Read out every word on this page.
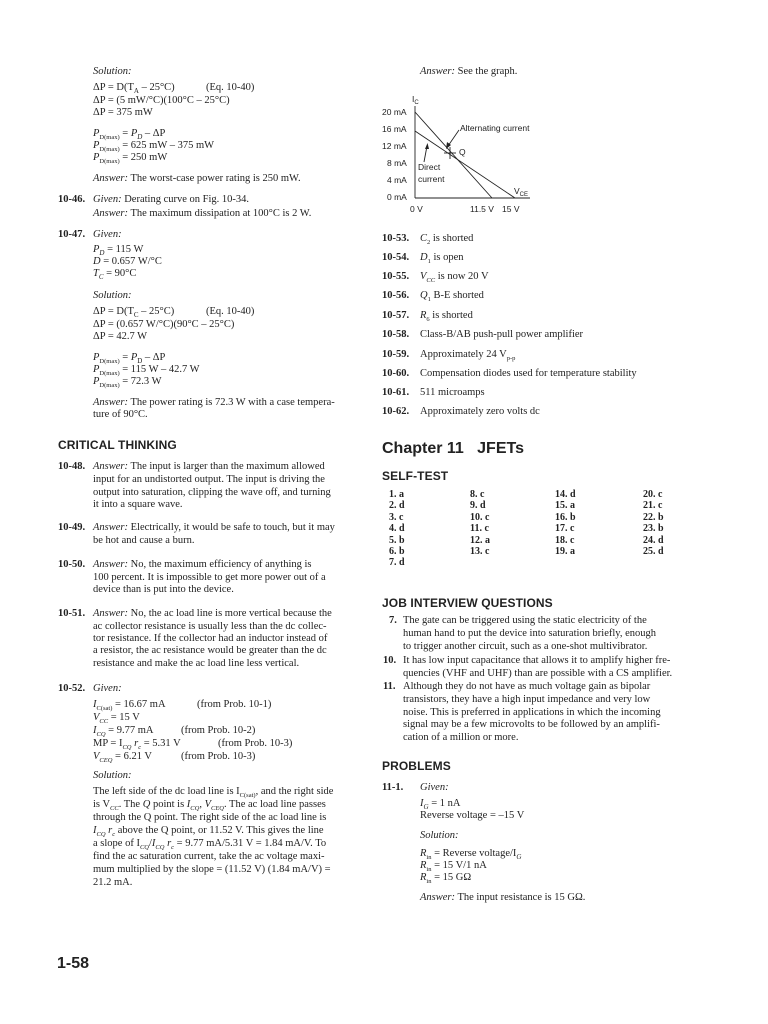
Solution:
$\Delta P = D(T_A - 25^\circ C)$	(Eq. 10-40)
ΔP = (5 mW/°C)(100°C – 25°C)
ΔP = 375 mW
$P_{D(max)} = P_D - \Delta P$
$P_{D(max)} = 625$ mW – 375 mW
$P_{D(max)} = 250$ mW
Answer: The worst-case power rating is 250 mW.
10-46. Given: Derating curve on Fig. 10-34.
Answer: The maximum dissipation at 100°C is 2 W.
10-47. Given:
$P_D = 115$ W
D = 0.657 W/°C
$T_C = 90^\circ C$
Solution:
$\Delta P = D(T_C - 25^\circ C)$	(Eq. 10-40)
ΔP = (0.657 W/°C)(90°C – 25°C)
ΔP = 42.7 W
$P_{D(max)} = P_D - \Delta P$
$P_{D(max)} = 115$ W – 42.7 W
$P_{D(max)} = 72.3$ W
Answer: The power rating is 72.3 W with a case tempera-
ture of 90°C.
CRITICAL THINKING
10-48. Answer: The input is larger than the maximum allowed
input for an undistorted output. The input is driving the
output into saturation, clipping the wave off, and turning
it into a square wave.
10-49. Answer: Electrically, it would be safe to touch, but it may
be hot and cause a burn.
10-50. Answer: No, the maximum efficiency of anything is
100 percent. It is impossible to get more power out of a
device than is put into the device.
10-51. Answer: No, the ac load line is more vertical because the
ac collector resistance is usually less than the dc collec-
tor resistance. If the collector had an inductor instead of
a resistor, the ac resistance would be greater than the dc
resistance and make the ac load line less vertical.
10-52. Given:
$I_{C(sat)} = 16.67$ mA	(from Prob. 10-1)
$V_{CC} = 15$ V
$I_{CQ} = 9.77$ mA	(from Prob. 10-2)
MP = $I_{CQ}$ $r_c = 5.31$ V	(from Prob. 10-3)
$V_{CEQ} = 6.21$ V	(from Prob. 10-3)
Solution:
The left side of the dc load line is $I_{C(sat)}$, and the right side
is $V_{CC}$. The Q point is $I_{CQ}$, $V_{CEQ}$. The ac load line passes
through the Q point. The right side of the ac load line is
$I_{CQ}$ $r_c$ above the Q point, or 11.52 V. This gives the line
a slope of $I_{CQ}/I_{CQ}$ $r_c = 9.77$ mA/5.31 V = 1.84 mA/V. To
find the ac saturation current, take the ac voltage maxi-
mum multiplied by the slope = (11.52 V) (1.84 mA/V) =
21.2 mA.
1-58
Answer: See the graph.
$I_C$
20 mA
16 mA
12 mA
8 mA
4 mA
0 mA
0 V	11.5 V 15 V
$V_{CE}$
Alternating current
Direct
current
Q
10-53. $C_2$ is shorted
10-54. $D_1$ is open
10-55. $V_{CC}$ is now 20 V
10-56. $Q_1$ B-E shorted
10-57. $R_6$ is shorted
10-58. Class-B/AB push-pull power amplifier
10-59. Approximately 24 $V_{p-p}$
10-60. Compensation diodes used for temperature stability
10-61. 511 microamps
10-62. Approximately zero volts dc
Chapter 11 JFETs
SELF-TEST
1. a	8. c	14. d	20. c
2. d	9. d	15. a	21. c
3. c	10. c	16. b	22. b
4. d	11. c	17. c	23. b
5. b	12. a	18. c	24. d
6. b	13. c	19. a	25. d
7. d
JOB INTERVIEW QUESTIONS
7. The gate can be triggered using the static electricity of the
human hand to put the device into saturation briefly, enough
to trigger another circuit, such as a one-shot multivibrator.
10. It has low input capacitance that allows it to amplify higher fre-
quencies (VHF and UHF) than are possible with a CS amplifier.
11. Although they do not have as much voltage gain as bipolar
transistors, they have a high input impedance and very low
noise. This is preferred in applications in which the incoming
signal may be a few microvolts to be followed by an amplifi-
cation of a million or more.
PROBLEMS
11-1. Given:
$I_G = 1$ nA
Reverse voltage = –15 V
Solution:
$R_{in}$ = Reverse voltage/$I_G$
$R_{in} = 15$ V/1 nA
$R_{in} = 15$ GΩ
Answer: The input resistance is 15 GΩ.
